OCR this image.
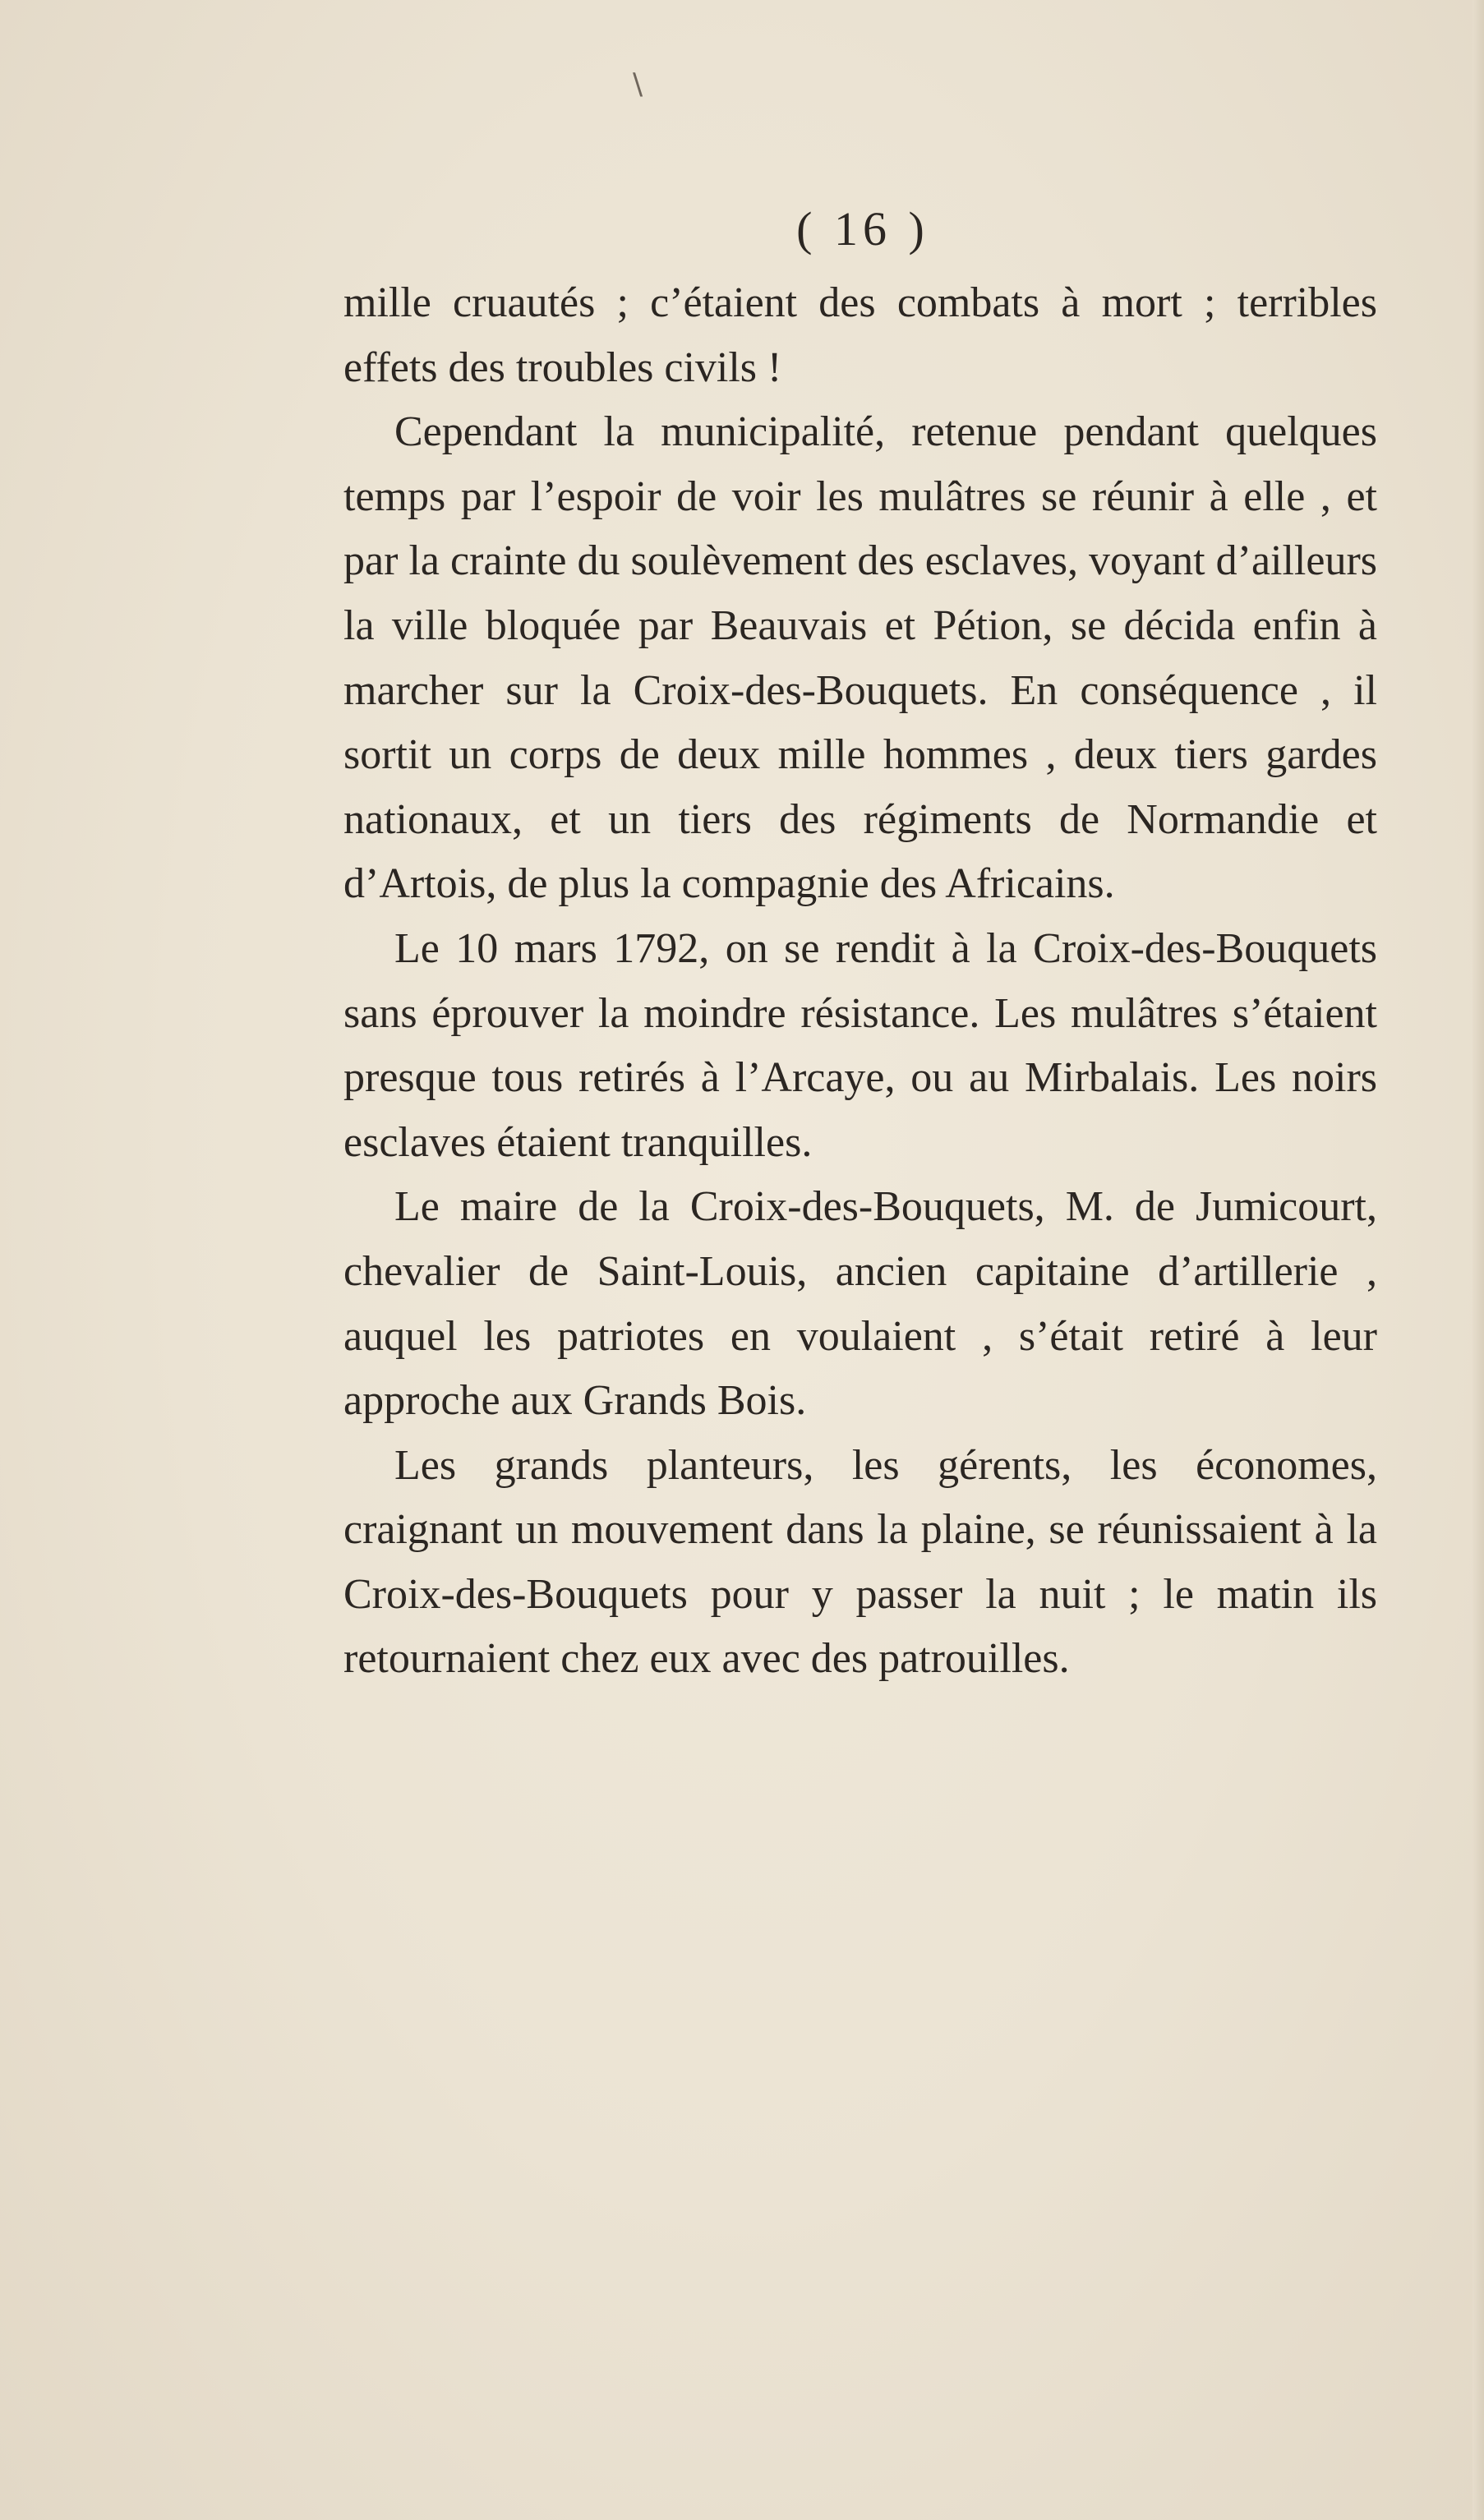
\
( 16 )

mille cruautés ; c’étaient des combats à mort ; terribles effets des troubles civils !

Cependant la municipalité, retenue pendant quelques temps par l’espoir de voir les mulâtres se réunir à elle , et par la crainte du soulèvement des esclaves, voyant d’ailleurs la ville bloquée par Beauvais et Pétion, se décida enfin à marcher sur la Croix-des-Bouquets. En conséquence , il sortit un corps de deux mille hommes , deux tiers gardes nationaux, et un tiers des régiments de Normandie et d’Artois, de plus la compagnie des Africains.

Le 10 mars 1792, on se rendit à la Croix-des-Bouquets sans éprouver la moindre résistance. Les mulâtres s’étaient presque tous retirés à l’Arcaye, ou au Mirbalais. Les noirs esclaves étaient tranquilles.

Le maire de la Croix-des-Bouquets, M. de Jumicourt, chevalier de Saint-Louis, ancien capitaine d’artillerie , auquel les patriotes en voulaient , s’était retiré à leur approche aux Grands Bois.

Les grands planteurs, les gérents, les économes, craignant un mouvement dans la plaine, se réunissaient à la Croix-des-Bouquets pour y passer la nuit ; le matin ils retournaient chez eux avec des patrouilles.
